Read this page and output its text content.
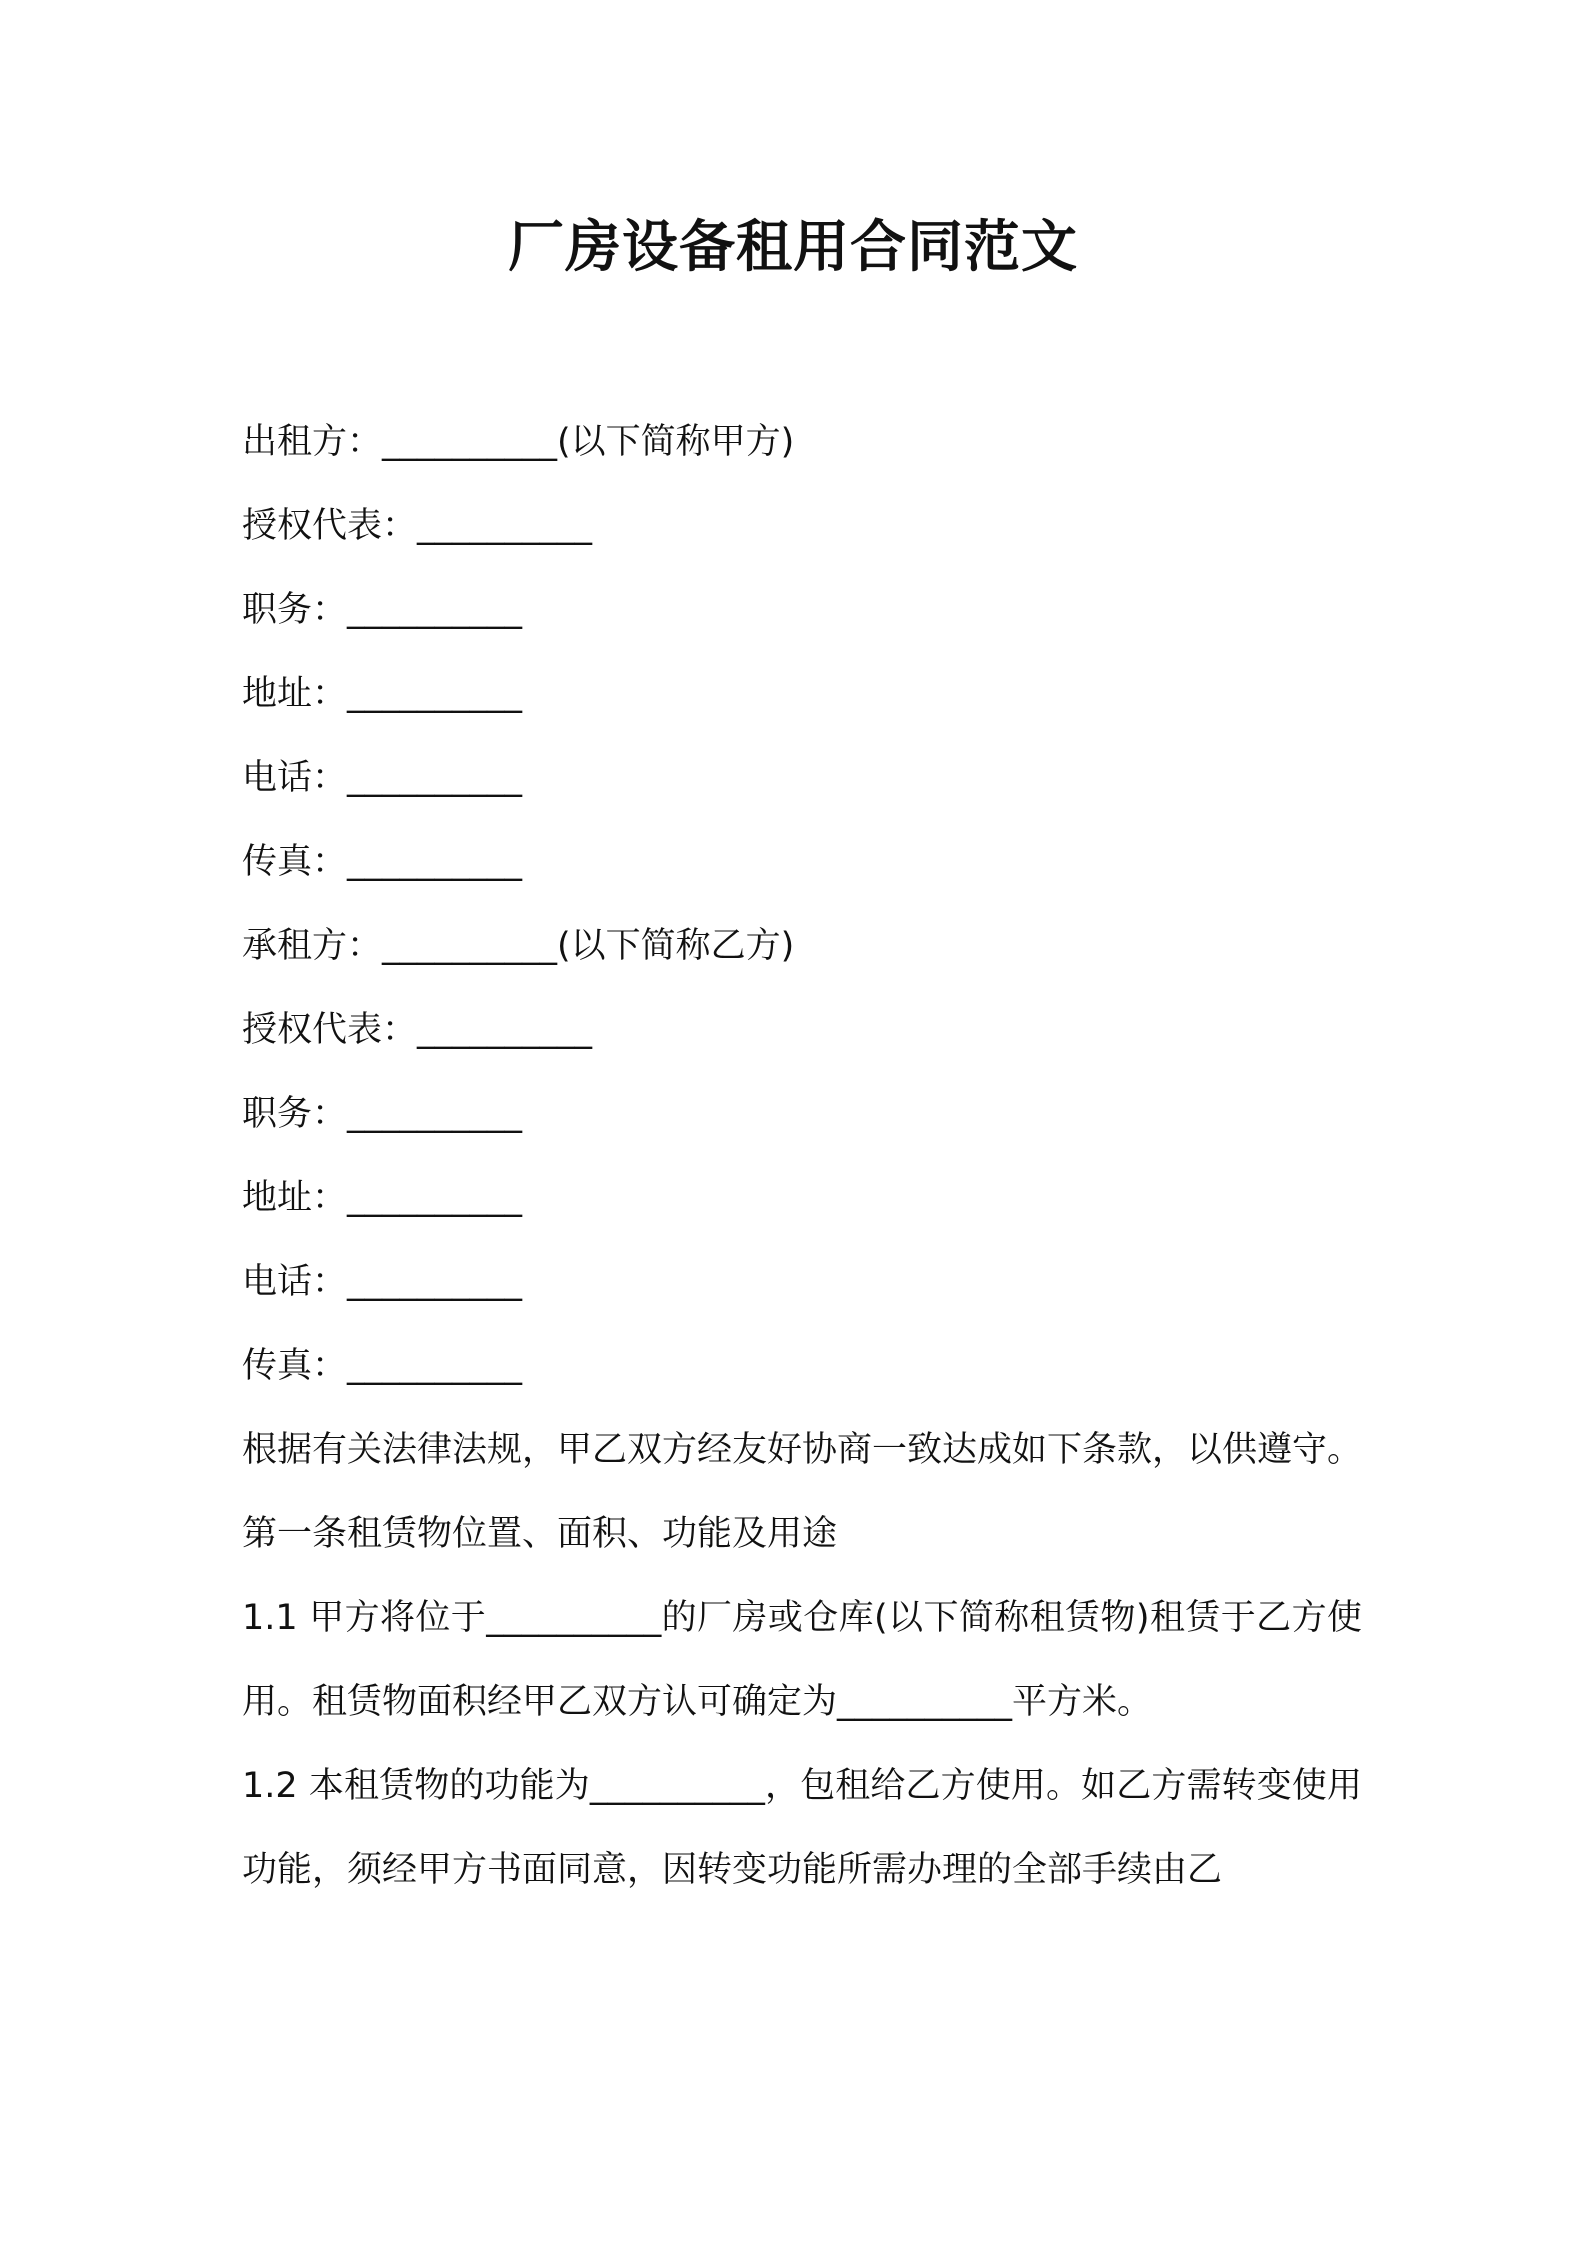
厂房设备租用合同范文

出租方：__________(以下简称甲方)

授权代表：__________

职务：__________

地址：__________

电话：__________

传真：__________

承租方：__________(以下简称乙方)

授权代表：__________

职务：__________

地址：__________

电话：__________

传真：__________

根据有关法律法规，甲乙双方经友好协商一致达成如下条款，以供遵守。

第一条租赁物位置、面积、功能及用途

1.1 甲方将位于__________的厂房或仓库(以下简称租赁物)租赁于乙方使用。租赁物面积经甲乙双方认可确定为__________平方米。

1.2 本租赁物的功能为__________，包租给乙方使用。如乙方需转变使用功能，须经甲方书面同意，因转变功能所需办理的全部手续由乙
